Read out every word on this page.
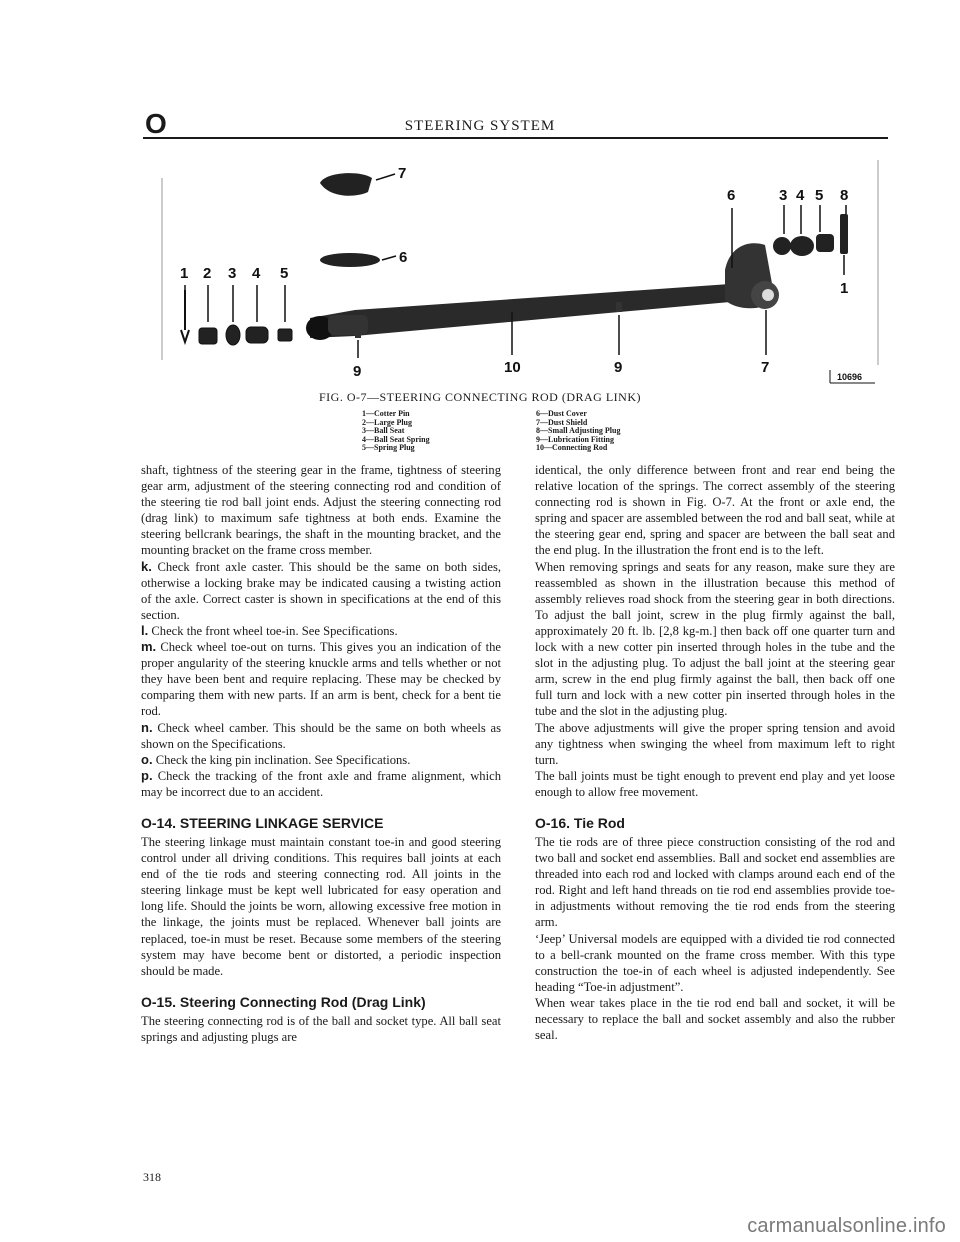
O	STEERING SYSTEM
1 2 3 4 5
7
6
6	3 4 5 8
1
9	10	9	7
10696
FIG. O-7—STEERING CONNECTING ROD (DRAG LINK)
1—Cotter Pin
2—Large Plug
3—Ball Seat
4—Ball Seat Spring
5—Spring Plug
6—Dust Cover
7—Dust Shield
8—Small Adjusting Plug
9—Lubrication Fitting
10—Connecting Rod

shaft, tightness of the steering gear in the frame, tightness of steering gear arm, adjustment of the steering connecting rod and condition of the steering tie rod ball joint ends. Adjust the steering connecting rod (drag link) to maximum safe tightness at both ends. Examine the steering bellcrank bearings, the shaft in the mounting bracket, and the mounting bracket on the frame cross member.

k. Check front axle caster. This should be the same on both sides, otherwise a locking brake may be indicated causing a twisting action of the axle. Correct caster is shown in specifications at the end of this section.

l. Check the front wheel toe-in. See Specifications.

m. Check wheel toe-out on turns. This gives you an indication of the proper angularity of the steering knuckle arms and tells whether or not they have been bent and require replacing. These may be checked by comparing them with new parts. If an arm is bent, check for a bent tie rod.

n. Check wheel camber. This should be the same on both wheels as shown on the Specifications.

o. Check the king pin inclination. See Specifications.

p. Check the tracking of the front axle and frame alignment, which may be incorrect due to an accident.

O-14. STEERING LINKAGE SERVICE

The steering linkage must maintain constant toe-in and good steering control under all driving conditions. This requires ball joints at each end of the tie rods and steering connecting rod. All joints in the steering linkage must be kept well lubricated for easy operation and long life. Should the joints be worn, allowing excessive free motion in the linkage, the joints must be replaced. Whenever ball joints are replaced, toe-in must be reset. Because some members of the steering system may have become bent or distorted, a periodic inspection should be made.

O-15. Steering Connecting Rod (Drag Link)

The steering connecting rod is of the ball and socket type. All ball seat springs and adjusting plugs are

identical, the only difference between front and rear end being the relative location of the springs. The correct assembly of the steering connecting rod is shown in Fig. O-7. At the front or axle end, the spring and spacer are assembled between the rod and ball seat, while at the steering gear end, spring and spacer are between the ball seat and the end plug. In the illustration the front end is to the left.

When removing springs and seats for any reason, make sure they are reassembled as shown in the illustration because this method of assembly relieves road shock from the steering gear in both directions. To adjust the ball joint, screw in the plug firmly against the ball, approximately 20 ft. lb. [2,8 kg-m.] then back off one quarter turn and lock with a new cotter pin inserted through holes in the tube and the slot in the adjusting plug. To adjust the ball joint at the steering gear arm, screw in the end plug firmly against the ball, then back off one full turn and lock with a new cotter pin inserted through holes in the tube and the slot in the adjusting plug.

The above adjustments will give the proper spring tension and avoid any tightness when swinging the wheel from maximum left to right turn.

The ball joints must be tight enough to prevent end play and yet loose enough to allow free movement.

O-16. Tie Rod

The tie rods are of three piece construction consisting of the rod and two ball and socket end assemblies. Ball and socket end assemblies are threaded into each rod and locked with clamps around each end of the rod. Right and left hand threads on tie rod end assemblies provide toe-in adjustments without removing the tie rod ends from the steering arm.

‘Jeep’ Universal models are equipped with a divided tie rod connected to a bell-crank mounted on the frame cross member. With this type construction the toe-in of each wheel is adjusted independently. See heading “Toe-in adjustment”.

When wear takes place in the tie rod end ball and socket, it will be necessary to replace the ball and socket assembly and also the rubber seal.

318
carmanualsonline.info
